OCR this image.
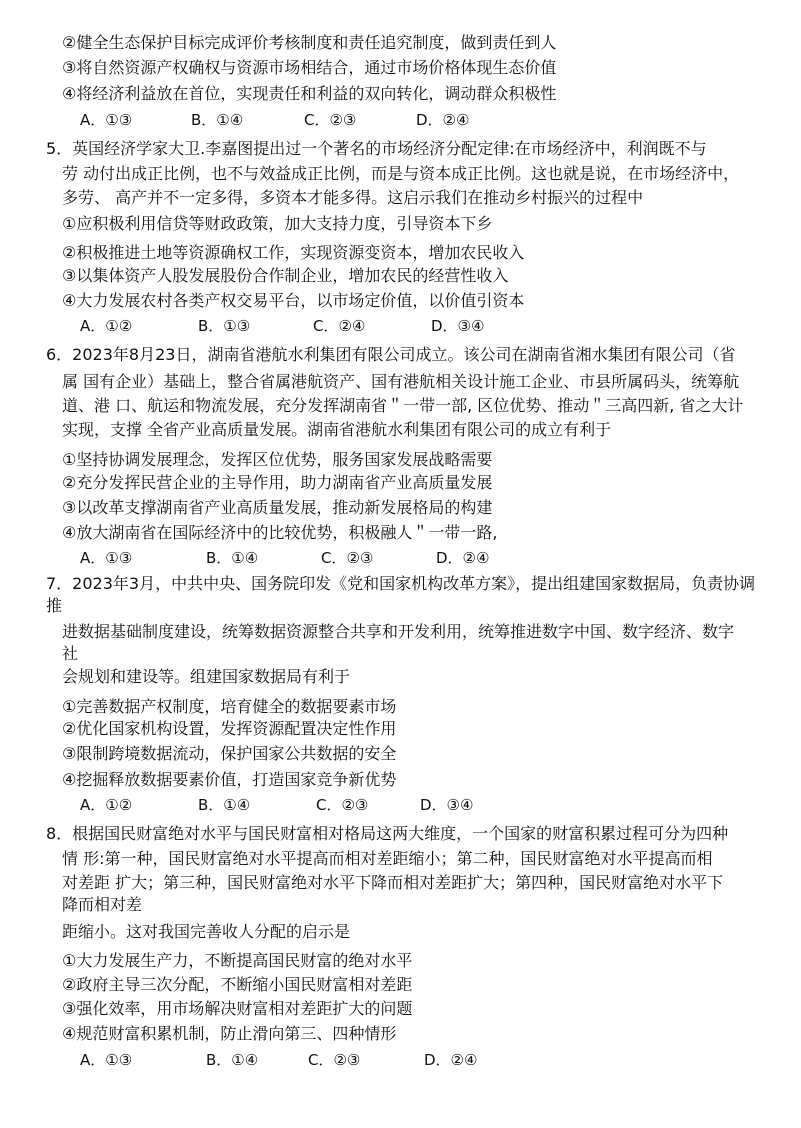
②健全生态保护目标完成评价考核制度和责任追究制度，做到责任到人
③将自然资源产权确权与资源市场相结合，通过市场价格体现生态价值
④将经济利益放在首位，实现责任和利益的双向转化，调动群众积极性
A．①③	B．①④	C．②③	D．②④
5．英国经济学家大卫.李嘉图提出过一个著名的市场经济分配定律:在市场经济中，利润既不与
劳 动付出成正比例，也不与效益成正比例，而是与资本成正比例。这也就是说，在市场经济中，
多劳、 高产并不一定多得，多资本才能多得。这启示我们在推动乡村振兴的过程中
①应积极利用信贷等财政政策，加大支持力度，引导资本下乡
②积极推进土地等资源确权工作，实现资源变资本，增加农民收入
③以集体资产人股发展股份合作制企业，增加农民的经营性收入
④大力发展农村各类产权交易平台，以市场定价值，以价值引资本
A．①②	B．①③	C．②④	D．③④
6．2023年8月23日，湖南省港航水利集团有限公司成立。该公司在湖南省湘水集团有限公司（省
属 国有企业）基础上，整合省属港航资产、国有港航相关设计施工企业、市县所属码头，统筹航
道、港 口、航运和物流发展，充分发挥湖南省＂一带一部, 区位优势、推动＂三高四新, 省之大计
实现，支撑 全省产业高质量发展。湖南省港航水利集团有限公司的成立有利于
①坚持协调发展理念，发挥区位优势，服务国家发展战略需要
②充分发挥民营企业的主导作用，助力湖南省产业高质量发展
③以改革支撑湖南省产业高质量发展，推动新发展格局的构建
④放大湖南省在国际经济中的比较优势，积极融人＂一带一路,
A．①③	B．①④	C．②③	D．②④
7．2023年3月，中共中央、国务院印发《党和国家机构改革方案》，提出组建国家数据局，负责协调
推
进数据基础制度建设，统筹数据资源整合共享和开发利用，统筹推进数字中国、数字经济、数字
社
会规划和建设等。组建国家数据局有利于
①完善数据产权制度，培育健全的数据要素市场
②优化国家机构设置，发挥资源配置决定性作用
③限制跨境数据流动，保护国家公共数据的安全
④挖掘释放数据要素价值，打造国家竞争新优势
A．①②	B．①④	C．②③	D．③④
8．根据国民财富绝对水平与国民财富相对格局这两大维度，一个国家的财富积累过程可分为四种
情 形:第一种，国民财富绝对水平提高而相对差距缩小；第二种，国民财富绝对水平提高而相
对差距 扩大；第三种，国民财富绝对水平下降而相对差距扩大；第四种，国民财富绝对水平下
降而相对差
距缩小。这对我国完善收人分配的启示是
①大力发展生产力，不断提高国民财富的绝对水平
②政府主导三次分配，不断缩小国民财富相对差距
③强化效率，用市场解决财富相对差距扩大的问题
④规范财富积累机制，防止滑向第三、四种情形
A．①③	B．①④	C．②③	D．②④
